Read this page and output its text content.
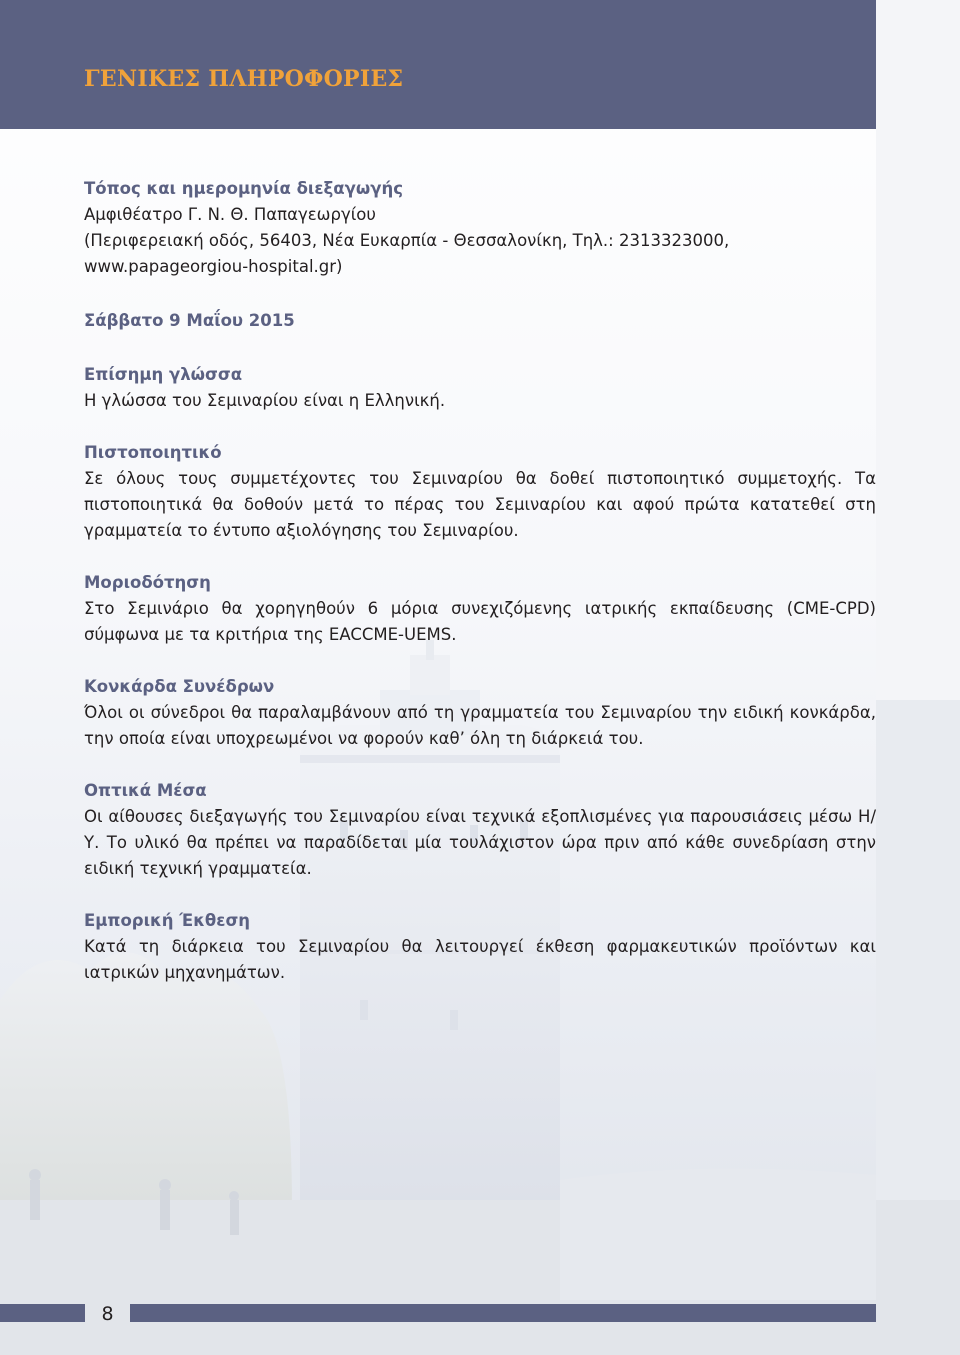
ΓΕΝΙΚΕΣ ΠΛΗΡΟΦΟΡΙΕΣ

Τόπος και ημερομηνία διεξαγωγής

Αμφιθέατρο Γ. Ν. Θ. Παπαγεωργίου

(Περιφερειακή οδός, 56403, Νέα Ευκαρπία - Θεσσαλονίκη, Τηλ.: 2313323000,

www.papageorgiou-hospital.gr)

Σάββατο 9 Μαΐου 2015

Επίσημη γλώσσα

Η γλώσσα του Σεμιναρίου είναι η Ελληνική.

Πιστοποιητικό

Σε όλους τους συμμετέχοντες του Σεμιναρίου θα δοθεί πιστοποιητικό συμμετοχής. Τα πιστοποιητικά θα δοθούν μετά το πέρας του Σεμιναρίου και αφού πρώτα κατατεθεί στη γραμματεία το έντυπο αξιολόγησης του Σεμιναρίου.

Μοριοδότηση

Στο Σεμινάριο θα χορηγηθούν 6 μόρια συνεχιζόμενης ιατρικής εκπαίδευσης (CME-CPD) σύμφωνα με τα κριτήρια της EACCME-UEMS.

Κονκάρδα Συνέδρων

Όλοι οι σύνεδροι θα παραλαμβάνουν από τη γραμματεία του Σεμιναρίου την ειδική κονκάρδα, την οποία είναι υποχρεωμένοι να φορούν καθ’ όλη τη διάρκειά του.

Οπτικά Μέσα

Οι αίθουσες διεξαγωγής του Σεμιναρίου είναι τεχνικά εξοπλισμένες για παρουσιάσεις μέσω Η/Υ. Το υλικό θα πρέπει να παραδίδεται μία τουλάχιστον ώρα πριν από κάθε συνεδρίαση στην ειδική τεχνική γραμματεία.

Εμπορική Έκθεση

Κατά τη διάρκεια του Σεμιναρίου θα λειτουργεί έκθεση φαρμακευτικών προϊόντων και ιατρικών μηχανημάτων.

8
